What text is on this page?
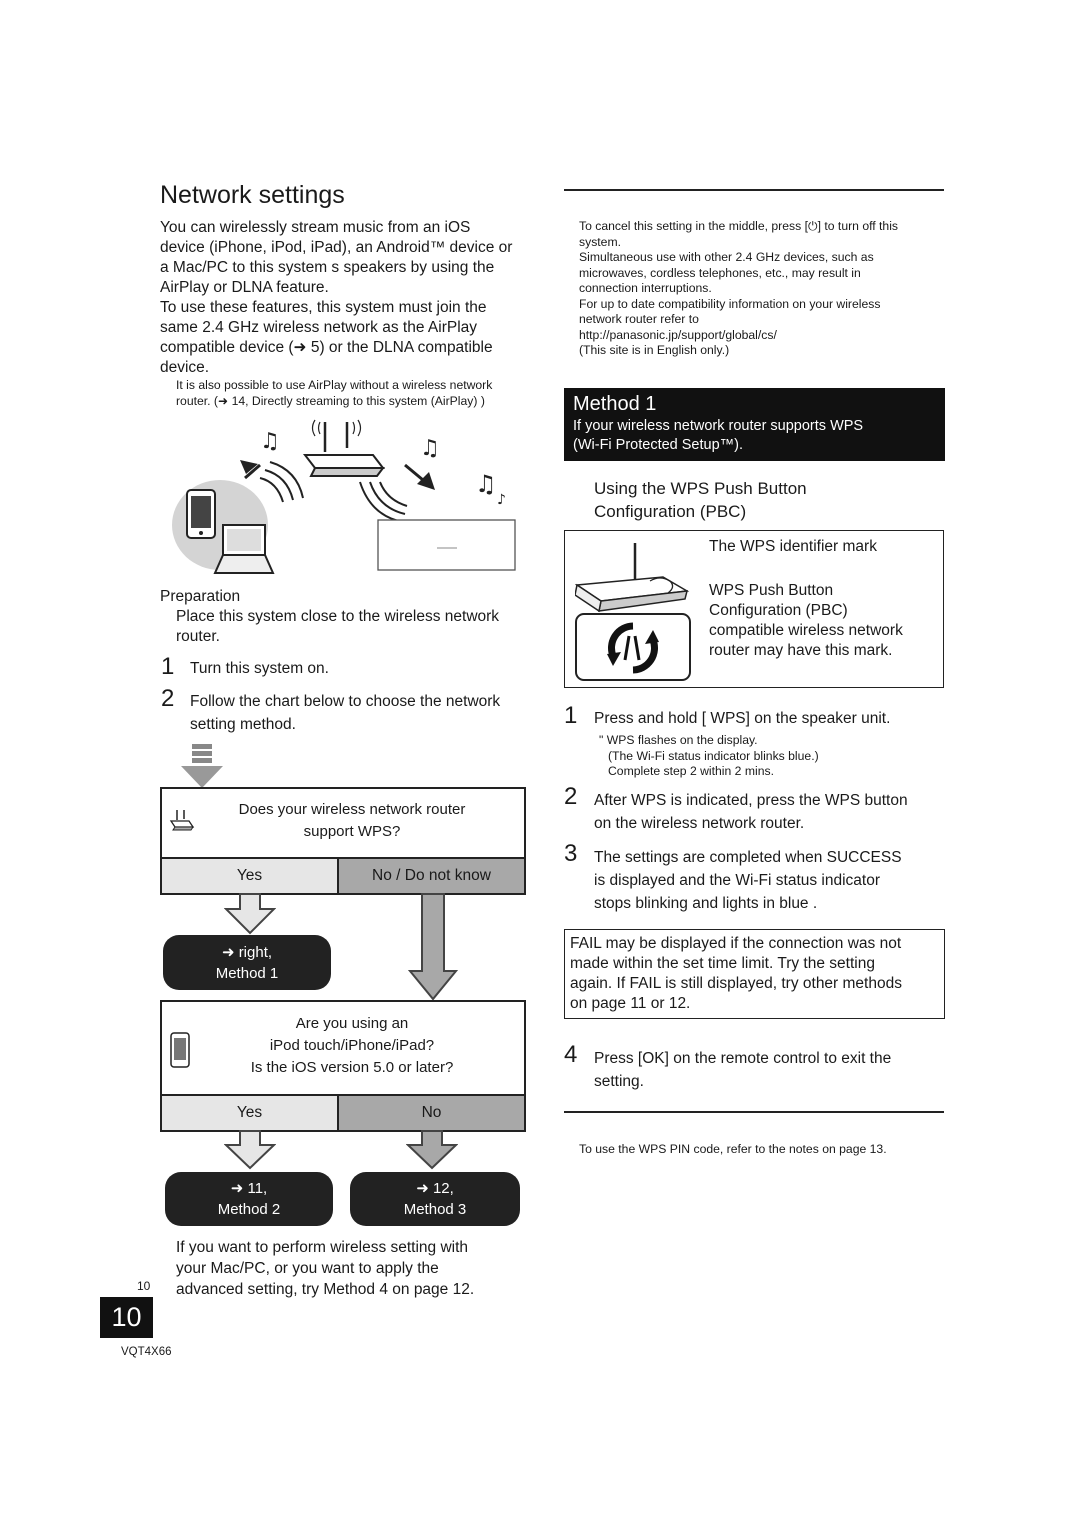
Network settings
You can wirelessly stream music from an iOS
device (iPhone, iPod, iPad), an Android™ device or
a Mac/PC to this system s speakers by using the
AirPlay or DLNA feature.
To use these features, this system must join the
same 2.4 GHz wireless network as the AirPlay
compatible device (➜ 5) or the DLNA compatible
device.
It is also possible to use AirPlay without a wireless network
router. (➜ 14, Directly streaming to this system (AirPlay) )
♫	♫
♫
♪
Preparation
Place this system close to the wireless network
router.
1 Turn this system on.
2 Follow the chart below to choose the network
setting method.
Does your wireless network router
support WPS?
Yes	No / Do not know
➜ right,
Method 1
Are you using an
iPod touch/iPhone/iPad?
Is the iOS version 5.0 or later?
Yes	No
➜ 11,
Method 2
➜ 12,
Method 3
If you want to perform wireless setting with
your Mac/PC, or you want to apply the
advanced setting, try Method 4 on page 12.
10
10
VQT4X66
To cancel this setting in the middle, press [⏻] to turn off this
system.
Simultaneous use with other 2.4 GHz devices, such as
microwaves, cordless telephones, etc., may result in
connection interruptions.
For up to date compatibility information on your wireless
network router refer to
http://panasonic.jp/support/global/cs/
(This site is in English only.)
Method 1
If your wireless network router supports WPS
(Wi-Fi Protected Setup™).
Using the WPS Push Button
Configuration (PBC)
The WPS identifier mark
WPS Push Button
Configuration (PBC)
compatible wireless network
router may have this mark.
1 Press and hold [ WPS] on the speaker unit.
" WPS flashes on the display.
(The Wi-Fi status indicator blinks blue.)
Complete step 2 within 2 mins.
2 After WPS is indicated, press the WPS button
on the wireless network router.
3 The settings are completed when SUCCESS
is displayed and the Wi-Fi status indicator
stops blinking and lights in blue .
FAIL may be displayed if the connection was not
made within the set time limit. Try the setting
again. If FAIL is still displayed, try other methods
on page 11 or 12.
4 Press [OK] on the remote control to exit the
setting.
To use the WPS PIN code, refer to the notes on page 13.
